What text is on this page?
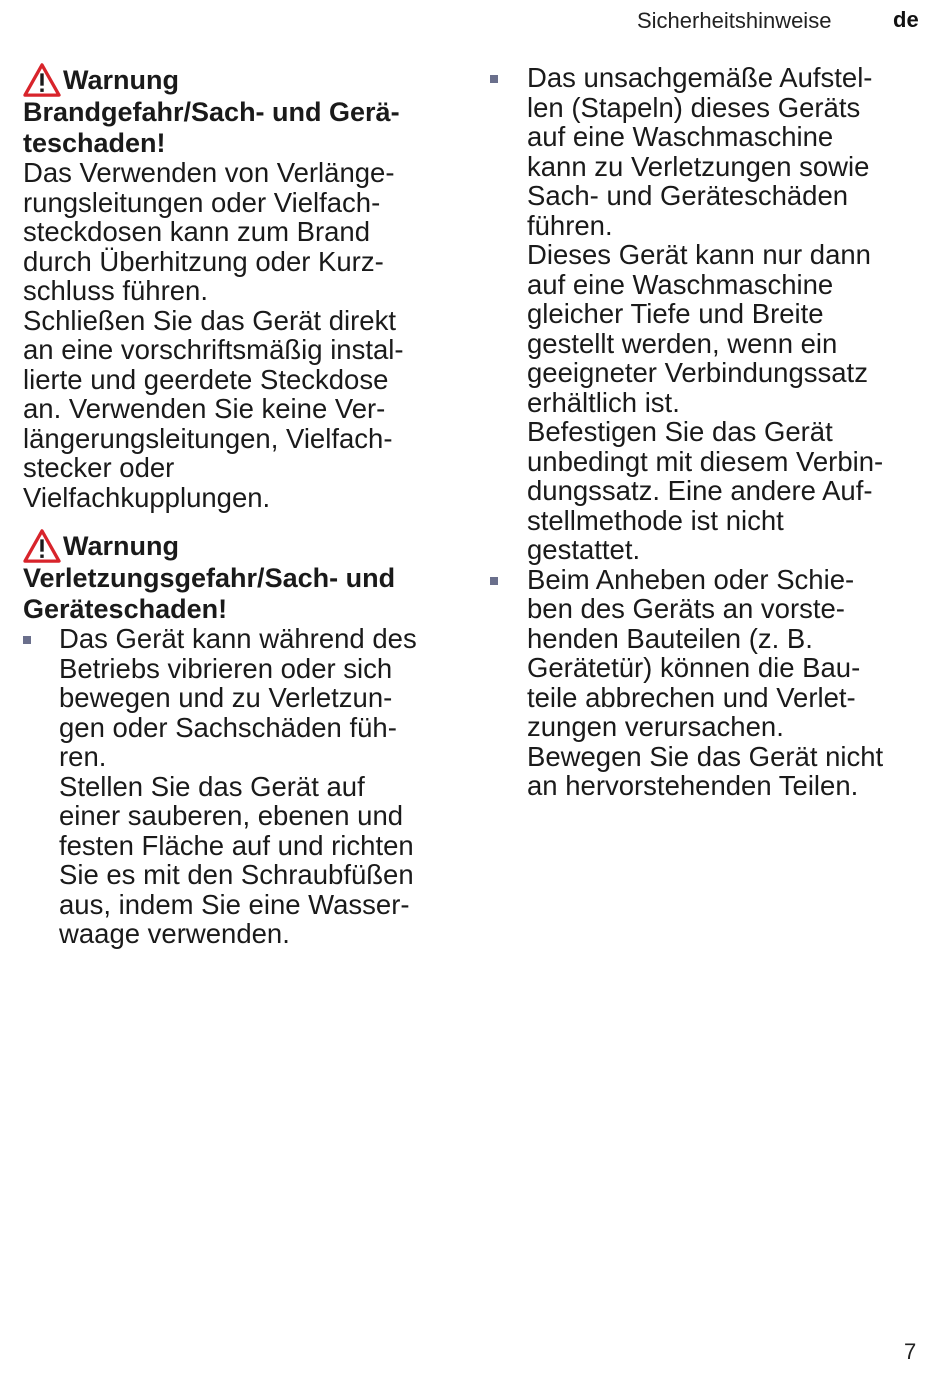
Sicherheitshinweise	de
Warnung
Brandgefahr/Sach- und Gerä-
teschaden!
Das Verwenden von Verlänge-
rungsleitungen oder Vielfach-
steckdosen kann zum Brand
durch Überhitzung oder Kurz-
schluss führen.
Schließen Sie das Gerät direkt
an eine vorschriftsmäßig instal-
lierte und geerdete Steckdose
an. Verwenden Sie keine Ver-
längerungsleitungen, Vielfach-
stecker oder
Vielfachkupplungen.
Warnung
Verletzungsgefahr/Sach- und
Geräteschaden!
Das Gerät kann während des
Betriebs vibrieren oder sich
bewegen und zu Verletzun-
gen oder Sachschäden füh-
ren.
Stellen Sie das Gerät auf
einer sauberen, ebenen und
festen Fläche auf und richten
Sie es mit den Schraubfüßen
aus, indem Sie eine Wasser-
waage verwenden.
Das unsachgemäße Aufstel-
len (Stapeln) dieses Geräts
auf eine Waschmaschine
kann zu Verletzungen sowie
Sach- und Geräteschäden
führen.
Dieses Gerät kann nur dann
auf eine Waschmaschine
gleicher Tiefe und Breite
gestellt werden, wenn ein
geeigneter Verbindungssatz
erhältlich ist.
Befestigen Sie das Gerät
unbedingt mit diesem Verbin-
dungssatz. Eine andere Auf-
stellmethode ist nicht
gestattet.
Beim Anheben oder Schie-
ben des Geräts an vorste-
henden Bauteilen (z. B.
Gerätetür) können die Bau-
teile abbrechen und Verlet-
zungen verursachen.
Bewegen Sie das Gerät nicht
an hervorstehenden Teilen.
7
